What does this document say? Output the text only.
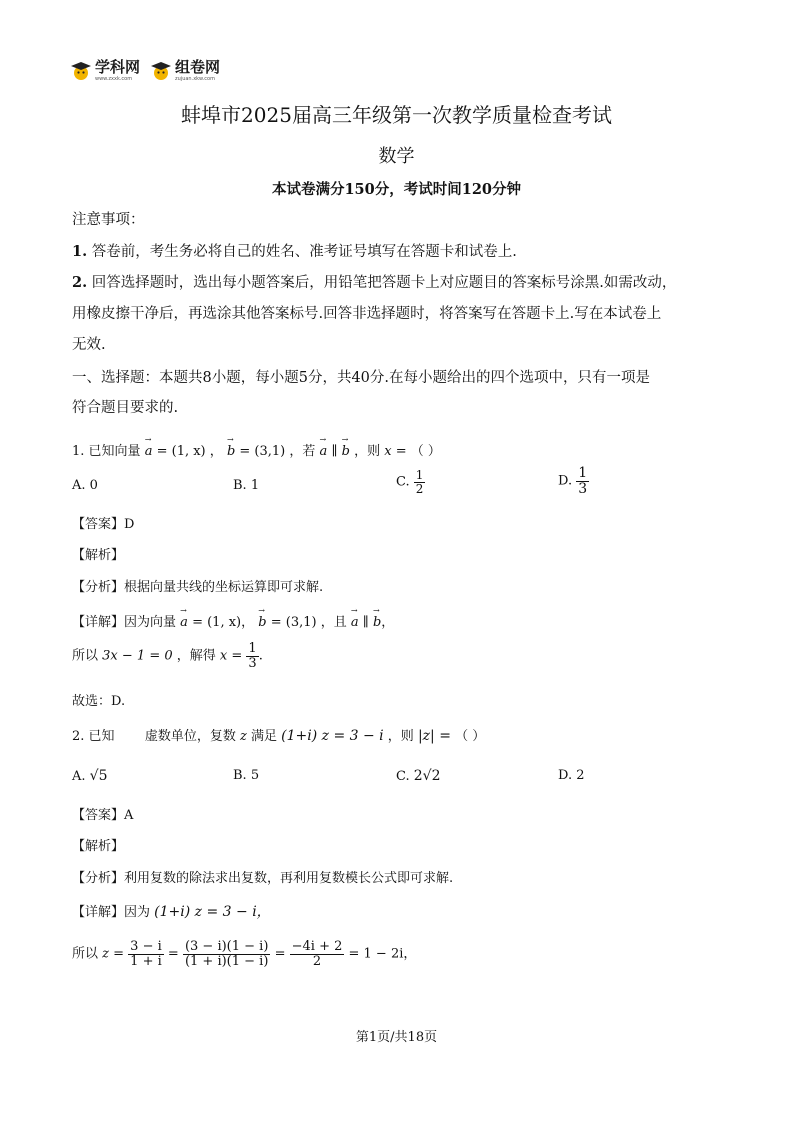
学科网
www.zxxk.com
组卷网
zujuan.xkw.com
蚌埠市2025届高三年级第一次教学质量检查考试
数学
本试卷满分150分，考试时间120分钟
注意事项：
1. 答卷前，考生务必将自己的姓名、准考证号填写在答题卡和试卷上.
2. 回答选择题时，选出每小题答案后，用铅笔把答题卡上对应题目的答案标号涂黑.如需改动，
用橡皮擦干净后，再选涂其他答案标号.回答非选择题时，将答案写在答题卡上.写在本试卷上
无效.
一、选择题：本题共8小题，每小题5分，共40分.在每小题给出的四个选项中，只有一项是
符合题目要求的.
1. 已知向量 → a = (1, x) ， → b = (3,1) ，若 → a ∥ → b ，则 x = （ ）
A. 0	B. 1	C. $\frac{1}{2}$	D. $\frac{1}{3}$
【答案】D
【解析】
【分析】根据向量共线的坐标运算即可求解.
【详解】因为向量 → a = (1, x)， → b = (3,1) ，且 → a ∥ → b，
所以 3x − 1 = 0 ，解得 $x = \frac{1}{3}$ .
故选：D.
2. 已知 虚数单位，复数 z 满足 (1+i) z = 3 − i ，则 |z| = （ ）
A. √5	B. 5	C. 2√2	D. 2
【答案】A
【解析】
【分析】利用复数的除法求出复数，再利用复数模长公式即可求解.
【详解】因为 (1+i) z = 3 − i，
所以 $z = \frac{3 - i}{1 + i} = \frac{(3 - i)(1 - i)}{(1 + i)(1 - i)} = \frac{-4i + 2}{2} = 1 - 2i$，
第1页/共18页
